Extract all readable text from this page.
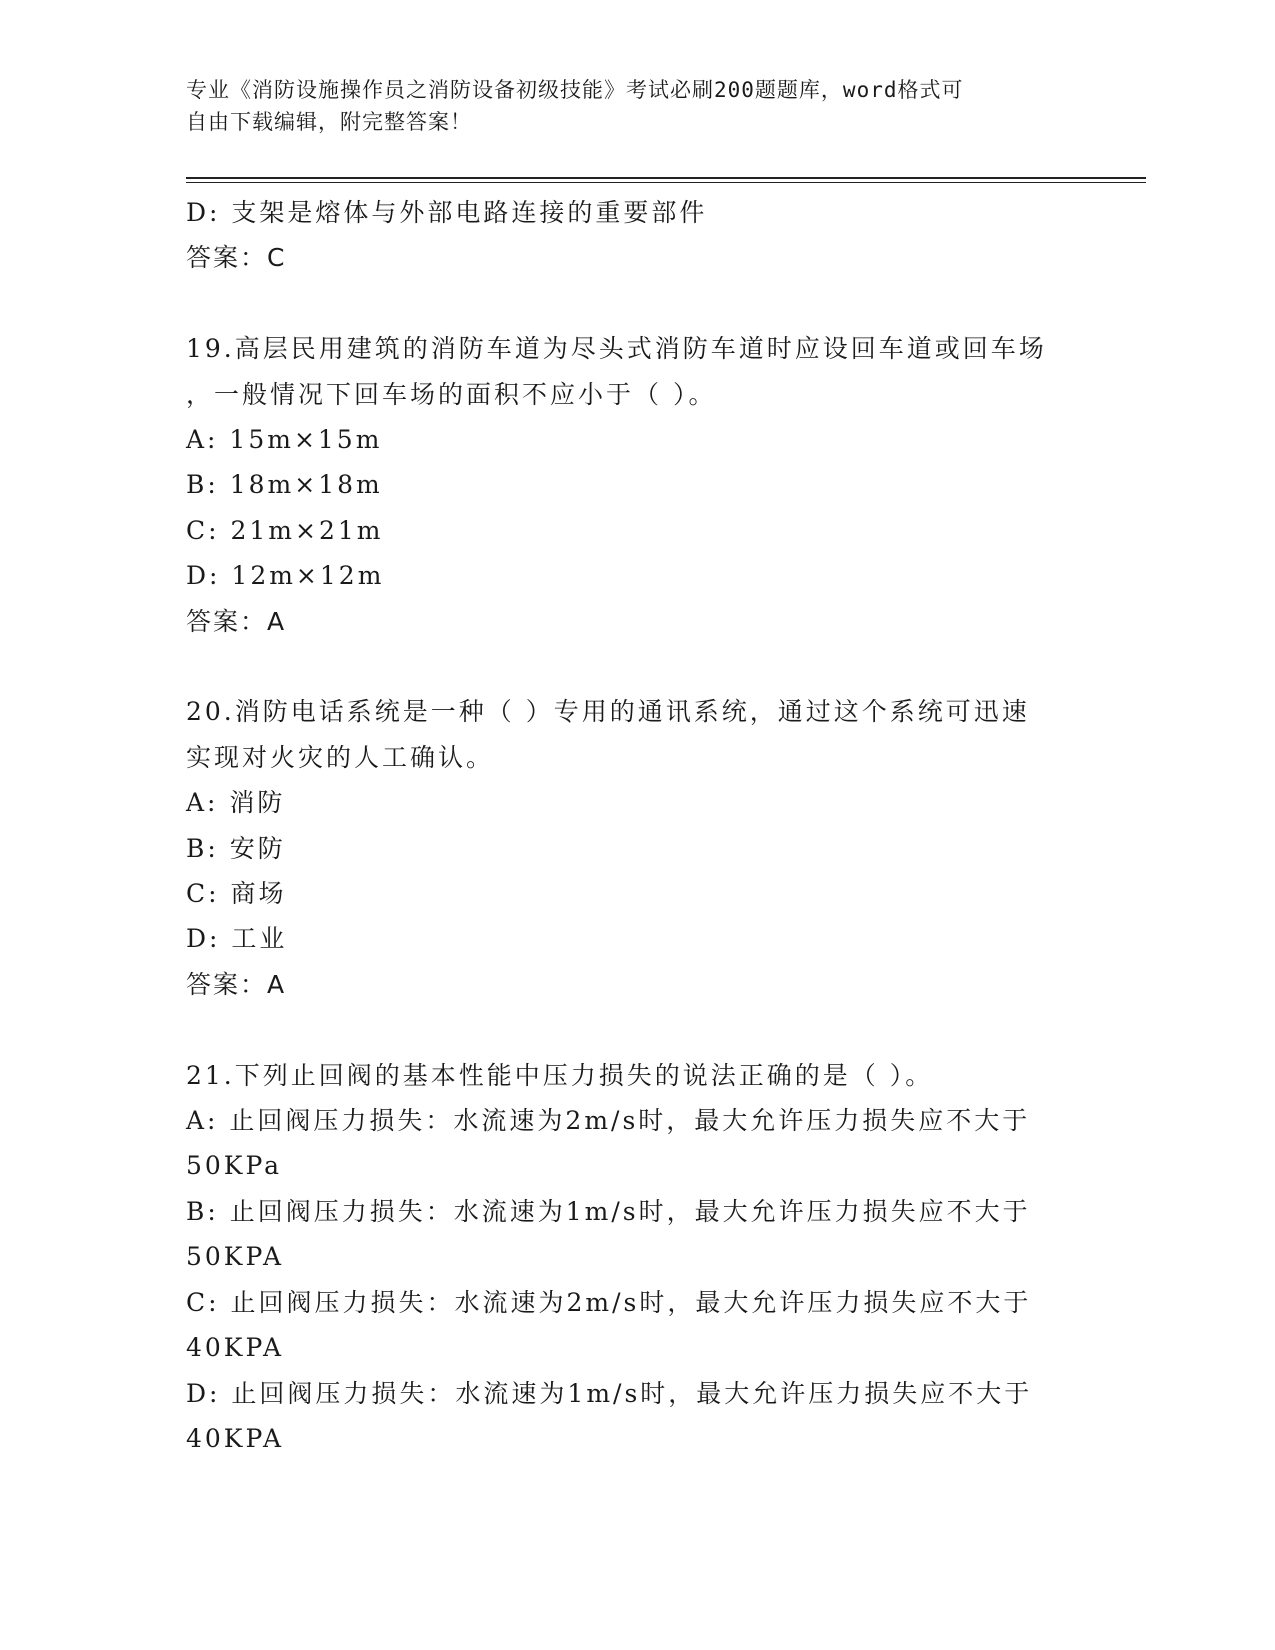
专业《消防设施操作员之消防设备初级技能》考试必刷200题题库，word格式可
自由下载编辑，附完整答案！
D: 支架是熔体与外部电路连接的重要部件
答案：C
19.高层民用建筑的消防车道为尽头式消防车道时应设回车道或回车场
，一般情况下回车场的面积不应小于（ ）。
A: 15m×15m
B: 18m×18m
C: 21m×21m
D: 12m×12m
答案：A
20.消防电话系统是一种（ ）专用的通讯系统，通过这个系统可迅速
实现对火灾的人工确认。
A: 消防
B: 安防
C: 商场
D: 工业
答案：A
21.下列止回阀的基本性能中压力损失的说法正确的是（ ）。
A: 止回阀压力损失：水流速为2m/s时，最大允许压力损失应不大于
50KPa
B: 止回阀压力损失：水流速为1m/s时，最大允许压力损失应不大于
50KPA
C: 止回阀压力损失：水流速为2m/s时，最大允许压力损失应不大于
40KPA
D: 止回阀压力损失：水流速为1m/s时，最大允许压力损失应不大于
40KPA
